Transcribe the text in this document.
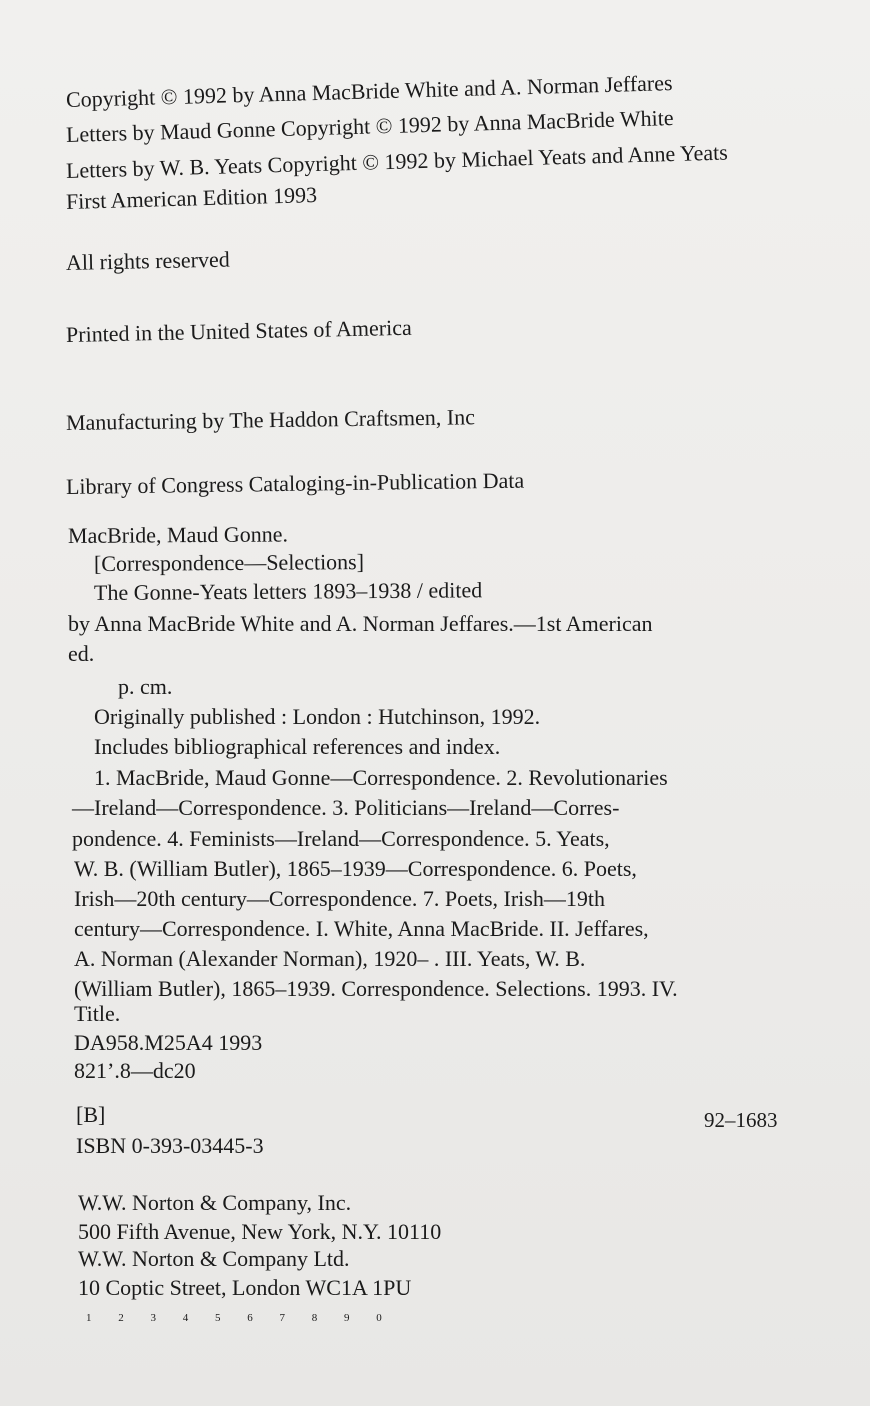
Copyright © 1992 by Anna MacBride White and A. Norman Jeffares
Letters by Maud Gonne Copyright © 1992 by Anna MacBride White
Letters by W. B. Yeats Copyright © 1992 by Michael Yeats and Anne Yeats
First American Edition 1993
All rights reserved
Printed in the United States of America
Manufacturing by The Haddon Craftsmen, Inc
Library of Congress Cataloging-in-Publication Data
MacBride, Maud Gonne.
[Correspondence—Selections]
The Gonne-Yeats letters 1893–1938 / edited
by Anna MacBride White and A. Norman Jeffares.—1st American
ed.
p. cm.
Originally published : London : Hutchinson, 1992.
Includes bibliographical references and index.
1. MacBride, Maud Gonne—Correspondence. 2. Revolutionaries
—Ireland—Correspondence. 3. Politicians—Ireland—Corres-
pondence. 4. Feminists—Ireland—Correspondence. 5. Yeats,
W. B. (William Butler), 1865–1939—Correspondence. 6. Poets,
Irish—20th century—Correspondence. 7. Poets, Irish—19th
century—Correspondence. I. White, Anna MacBride. II. Jeffares,
A. Norman (Alexander Norman), 1920– . III. Yeats, W. B.
(William Butler), 1865–1939. Correspondence. Selections. 1993. IV.
Title.
DA958.M25A4 1993
821’.8—dc20
[B]	92–1683
ISBN 0-393-03445-3
W.W. Norton & Company, Inc.
500 Fifth Avenue, New York, N.Y. 10110
W.W. Norton & Company Ltd.
10 Coptic Street, London WC1A 1PU
1 2 3 4 5 6 7 8 9 0
